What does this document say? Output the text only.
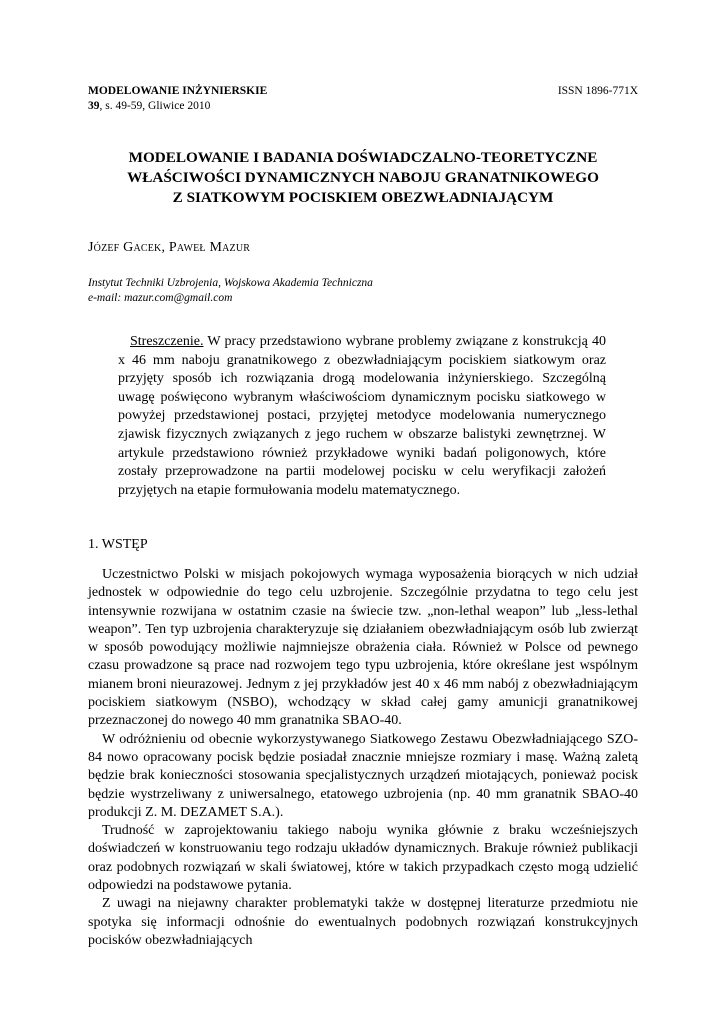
MODELOWANIE INŻYNIERSKIE
39, s. 49-59, Gliwice 2010
ISSN 1896-771X
MODELOWANIE I BADANIA DOŚWIADCZALNO-TEORETYCZNE
WŁAŚCIWOŚCI DYNAMICZNYCH NABOJU GRANATNIKOWEGO
Z SIATKOWYM POCISKIEM OBEZWŁADNIAJĄCYM
Józef Gacek, Paweł Mazur
Instytut Techniki Uzbrojenia, Wojskowa Akademia Techniczna
e-mail: mazur.com@gmail.com
Streszczenie. W pracy przedstawiono wybrane problemy związane z konstrukcją 40 x 46 mm naboju granatnikowego z obezwładniającym pociskiem siatkowym oraz przyjęty sposób ich rozwiązania drogą modelowania inżynierskiego. Szczególną uwagę poświęcono wybranym właściwościom dynamicznym pocisku siatkowego w powyżej przedstawionej postaci, przyjętej metodyce modelowania numerycznego zjawisk fizycznych związanych z jego ruchem w obszarze balistyki zewnętrznej. W artykule przedstawiono również przykładowe wyniki badań poligonowych, które zostały przeprowadzone na partii modelowej pocisku w celu weryfikacji założeń przyjętych na etapie formułowania modelu matematycznego.
1. WSTĘP

Uczestnictwo Polski w misjach pokojowych wymaga wyposażenia biorących w nich udział jednostek w odpowiednie do tego celu uzbrojenie. Szczególnie przydatna to tego celu jest intensywnie rozwijana w ostatnim czasie na świecie tzw. „non-lethal weapon” lub „less-lethal weapon”. Ten typ uzbrojenia charakteryzuje się działaniem obezwładniającym osób lub zwierząt w sposób powodujący możliwie najmniejsze obrażenia ciała. Również w Polsce od pewnego czasu prowadzone są prace nad rozwojem tego typu uzbrojenia, które określane jest wspólnym mianem broni nieurazowej. Jednym z jej przykładów jest 40 x 46 mm nabój z obezwładniającym pociskiem siatkowym (NSBO), wchodzący w skład całej gamy amunicji granatnikowej przeznaczonej do nowego 40 mm granatnika SBAO-40.

W odróżnieniu od obecnie wykorzystywanego Siatkowego Zestawu Obezwładniającego SZO-84 nowo opracowany pocisk będzie posiadał znacznie mniejsze rozmiary i masę. Ważną zaletą będzie brak konieczności stosowania specjalistycznych urządzeń miotających, ponieważ pocisk będzie wystrzeliwany z uniwersalnego, etatowego uzbrojenia (np. 40 mm granatnik SBAO-40 produkcji Z. M. DEZAMET S.A.).

Trudność w zaprojektowaniu takiego naboju wynika głównie z braku wcześniejszych doświadczeń w konstruowaniu tego rodzaju układów dynamicznych. Brakuje również publikacji oraz podobnych rozwiązań w skali światowej, które w takich przypadkach często mogą udzielić odpowiedzi na podstawowe pytania.

Z uwagi na niejawny charakter problematyki także w dostępnej literaturze przedmiotu nie spotyka się informacji odnośnie do ewentualnych podobnych rozwiązań konstrukcyjnych pocisków obezwładniających
